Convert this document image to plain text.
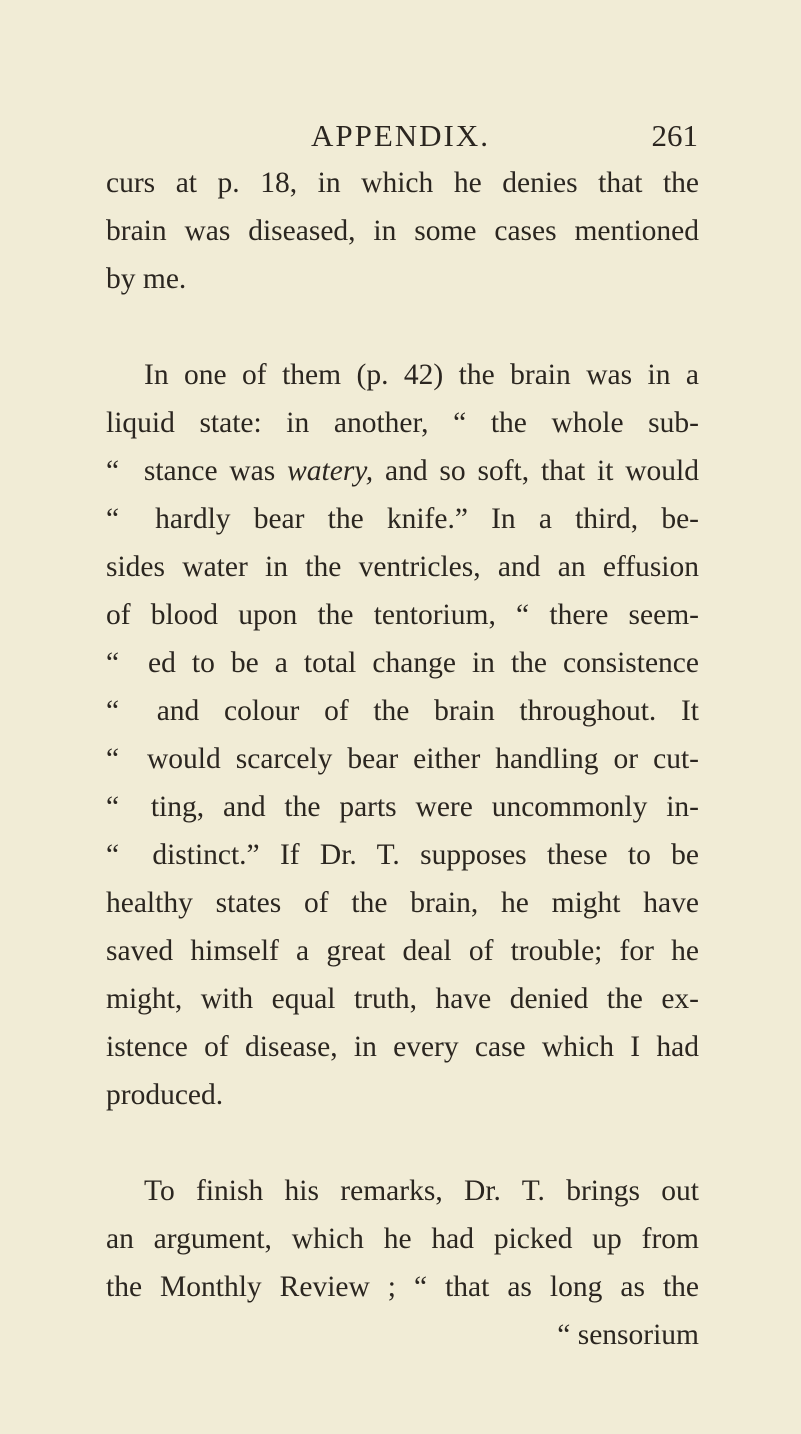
APPENDIX.	261
curs at p. 18, in which he denies that the
brain was diseased, in some cases mentioned
by me.
In one of them (p. 42) the brain was in a
liquid state: in another, “ the whole sub-
“ stance was watery, and so soft, that it would
“ hardly bear the knife.” In a third, be-
sides water in the ventricles, and an effusion
of blood upon the tentorium, “ there seem-
“ ed to be a total change in the consistence
“ and colour of the brain throughout. It
“ would scarcely bear either handling or cut-
“ ting, and the parts were uncommonly in-
“ distinct.” If Dr. T. supposes these to be
healthy states of the brain, he might have
saved himself a great deal of trouble; for he
might, with equal truth, have denied the ex-
istence of disease, in every case which I had
produced.
To finish his remarks, Dr. T. brings out
an argument, which he had picked up from
the Monthly Review ; “ that as long as the
“ sensorium
